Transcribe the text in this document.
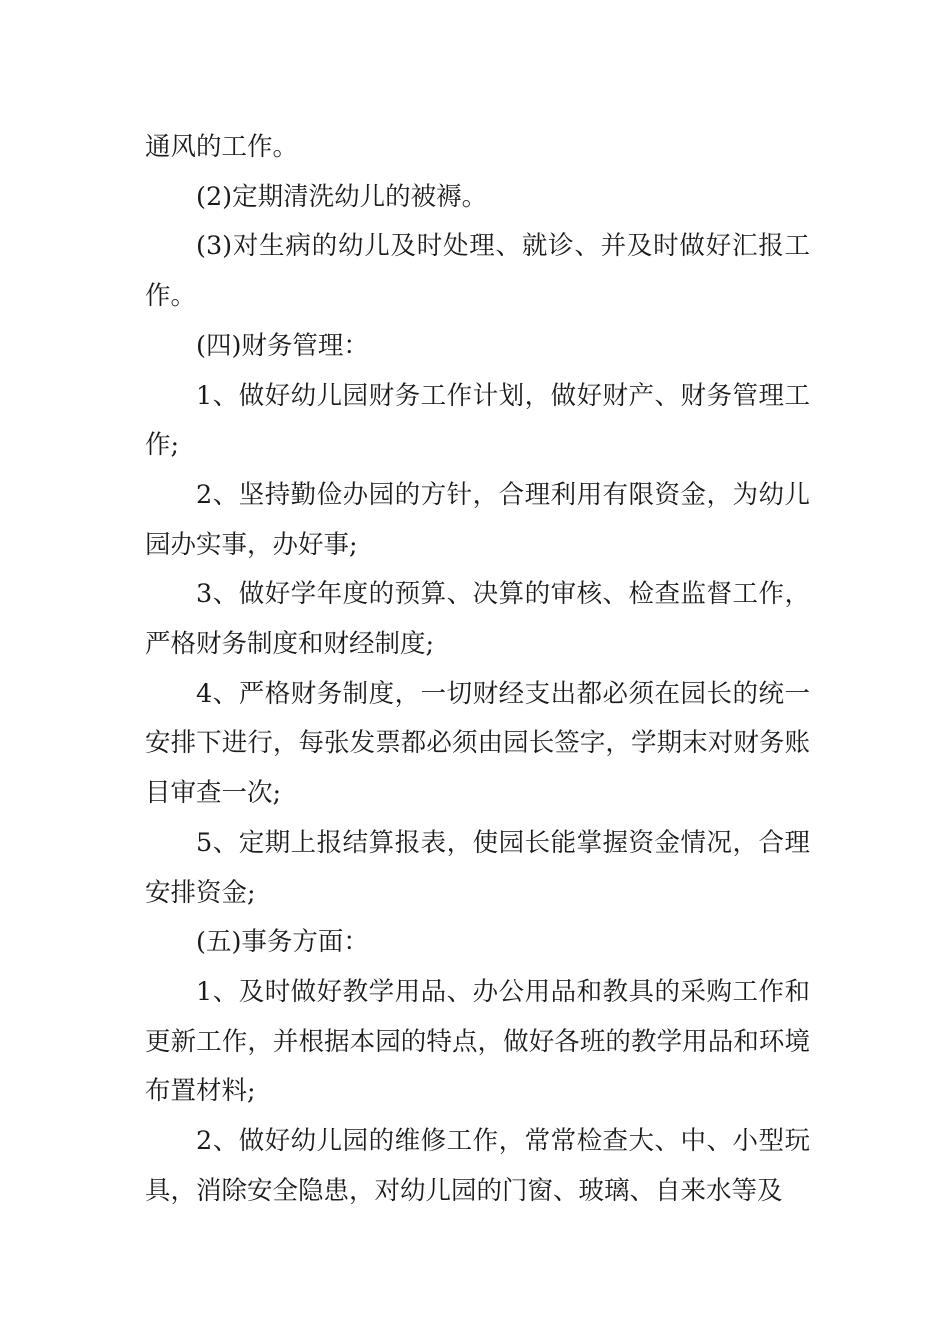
通风的工作。

(2)定期清洗幼儿的被褥。

(3)对生病的幼儿及时处理、就诊、并及时做好汇报工作。

(四)财务管理：

1、做好幼儿园财务工作计划，做好财产、财务管理工作;

2、坚持勤俭办园的方针，合理利用有限资金，为幼儿园办实事，办好事;

3、做好学年度的预算、决算的审核、检查监督工作，严格财务制度和财经制度;

4、严格财务制度，一切财经支出都必须在园长的统一安排下进行，每张发票都必须由园长签字，学期末对财务账目审查一次;

5、定期上报结算报表，使园长能掌握资金情况，合理安排资金;

(五)事务方面：

1、及时做好教学用品、办公用品和教具的采购工作和更新工作，并根据本园的特点，做好各班的教学用品和环境布置材料;

2、做好幼儿园的维修工作，常常检查大、中、小型玩具，消除安全隐患，对幼儿园的门窗、玻璃、自来水等及
